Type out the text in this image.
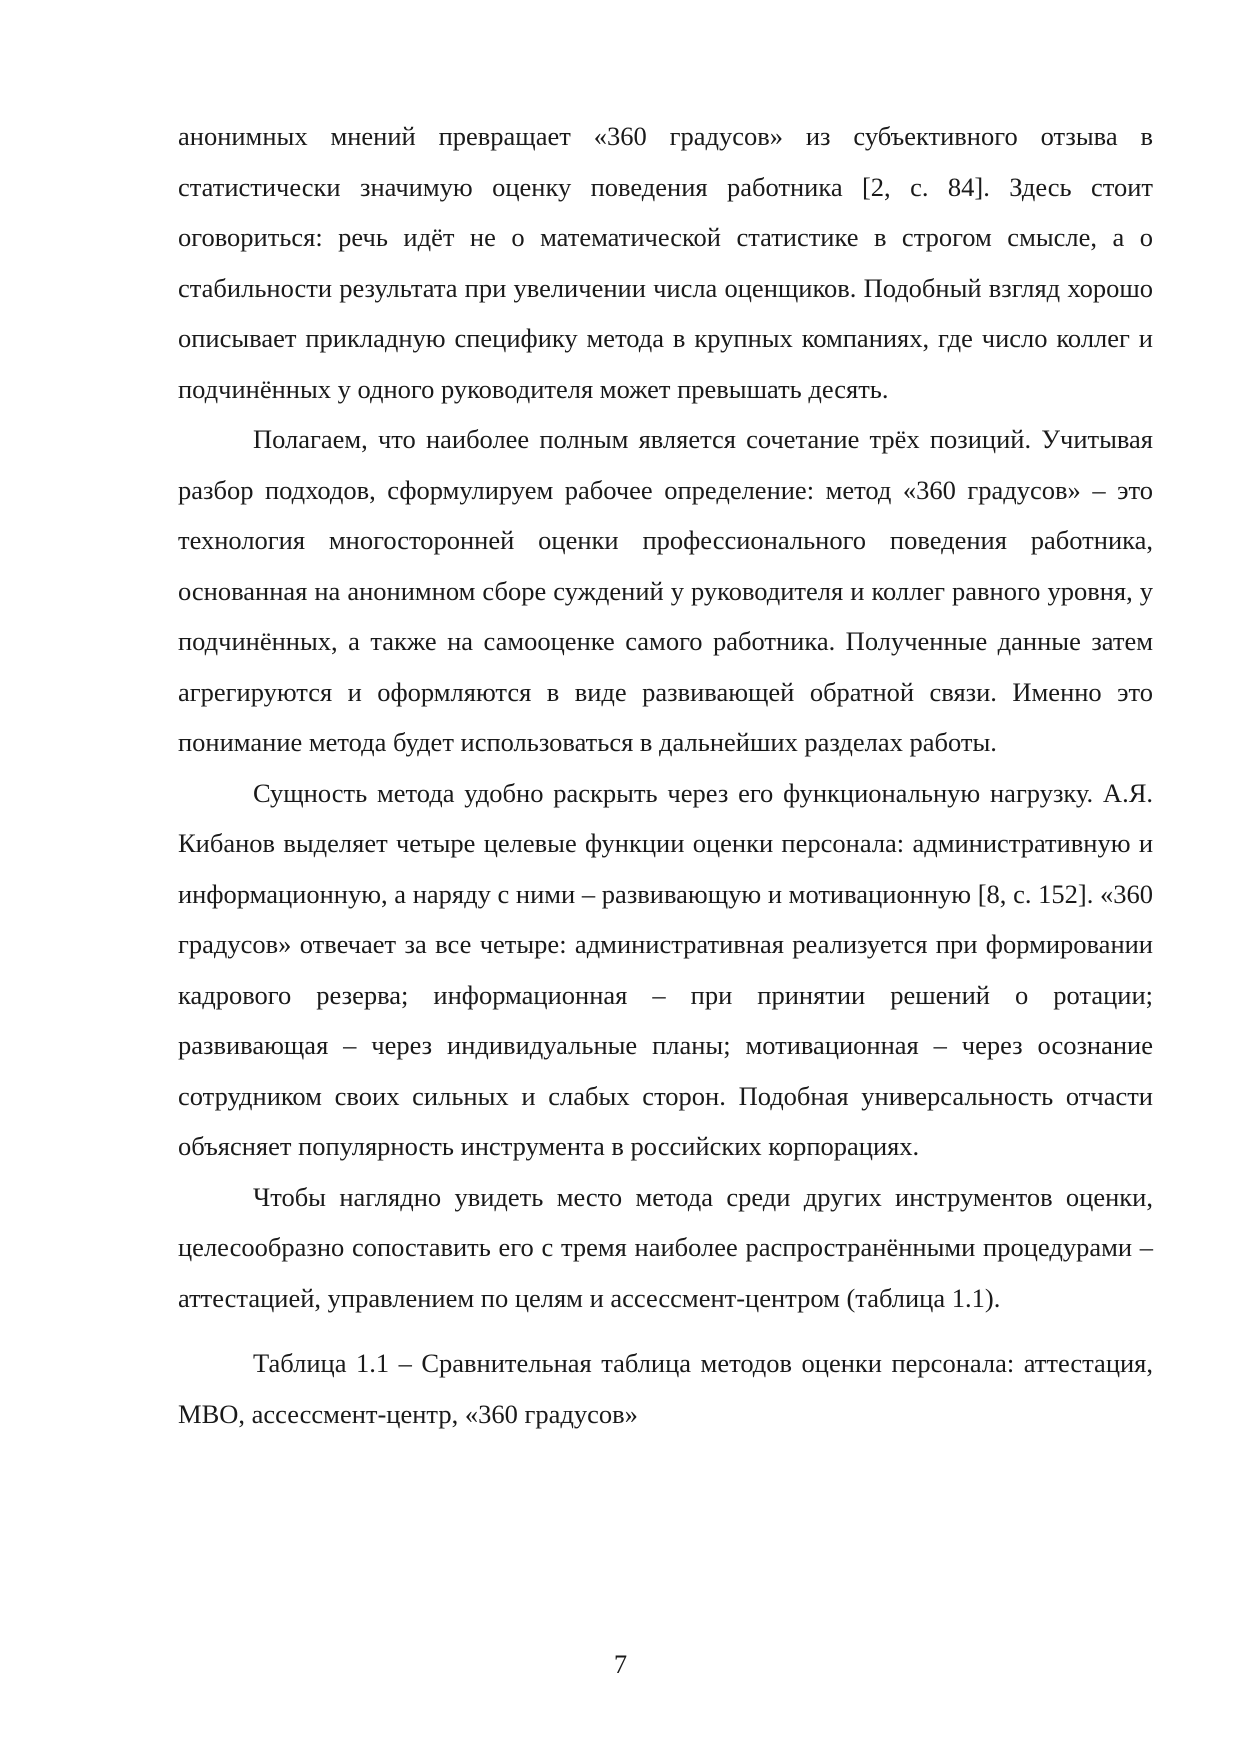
анонимных мнений превращает «360 градусов» из субъективного отзыва в статистически значимую оценку поведения работника [2, с. 84]. Здесь стоит оговориться: речь идёт не о математической статистике в строгом смысле, а о стабильности результата при увеличении числа оценщиков. Подобный взгляд хорошо описывает прикладную специфику метода в крупных компаниях, где число коллег и подчинённых у одного руководителя может превышать десять.

Полагаем, что наиболее полным является сочетание трёх позиций. Учитывая разбор подходов, сформулируем рабочее определение: метод «360 градусов» – это технология многосторонней оценки профессионального поведения работника, основанная на анонимном сборе суждений у руководителя и коллег равного уровня, у подчинённых, а также на самооценке самого работника. Полученные данные затем агрегируются и оформляются в виде развивающей обратной связи. Именно это понимание метода будет использоваться в дальнейших разделах работы.

Сущность метода удобно раскрыть через его функциональную нагрузку. А.Я. Кибанов выделяет четыре целевые функции оценки персонала: административную и информационную, а наряду с ними – развивающую и мотивационную [8, с. 152]. «360 градусов» отвечает за все четыре: административная реализуется при формировании кадрового резерва; информационная – при принятии решений о ротации; развивающая – через индивидуальные планы; мотивационная – через осознание сотрудником своих сильных и слабых сторон. Подобная универсальность отчасти объясняет популярность инструмента в российских корпорациях.

Чтобы наглядно увидеть место метода среди других инструментов оценки, целесообразно сопоставить его с тремя наиболее распространёнными процедурами – аттестацией, управлением по целям и ассессмент-центром (таблица 1.1).

Таблица 1.1 – Сравнительная таблица методов оценки персонала: аттестация, MBO, ассессмент-центр, «360 градусов»

7
